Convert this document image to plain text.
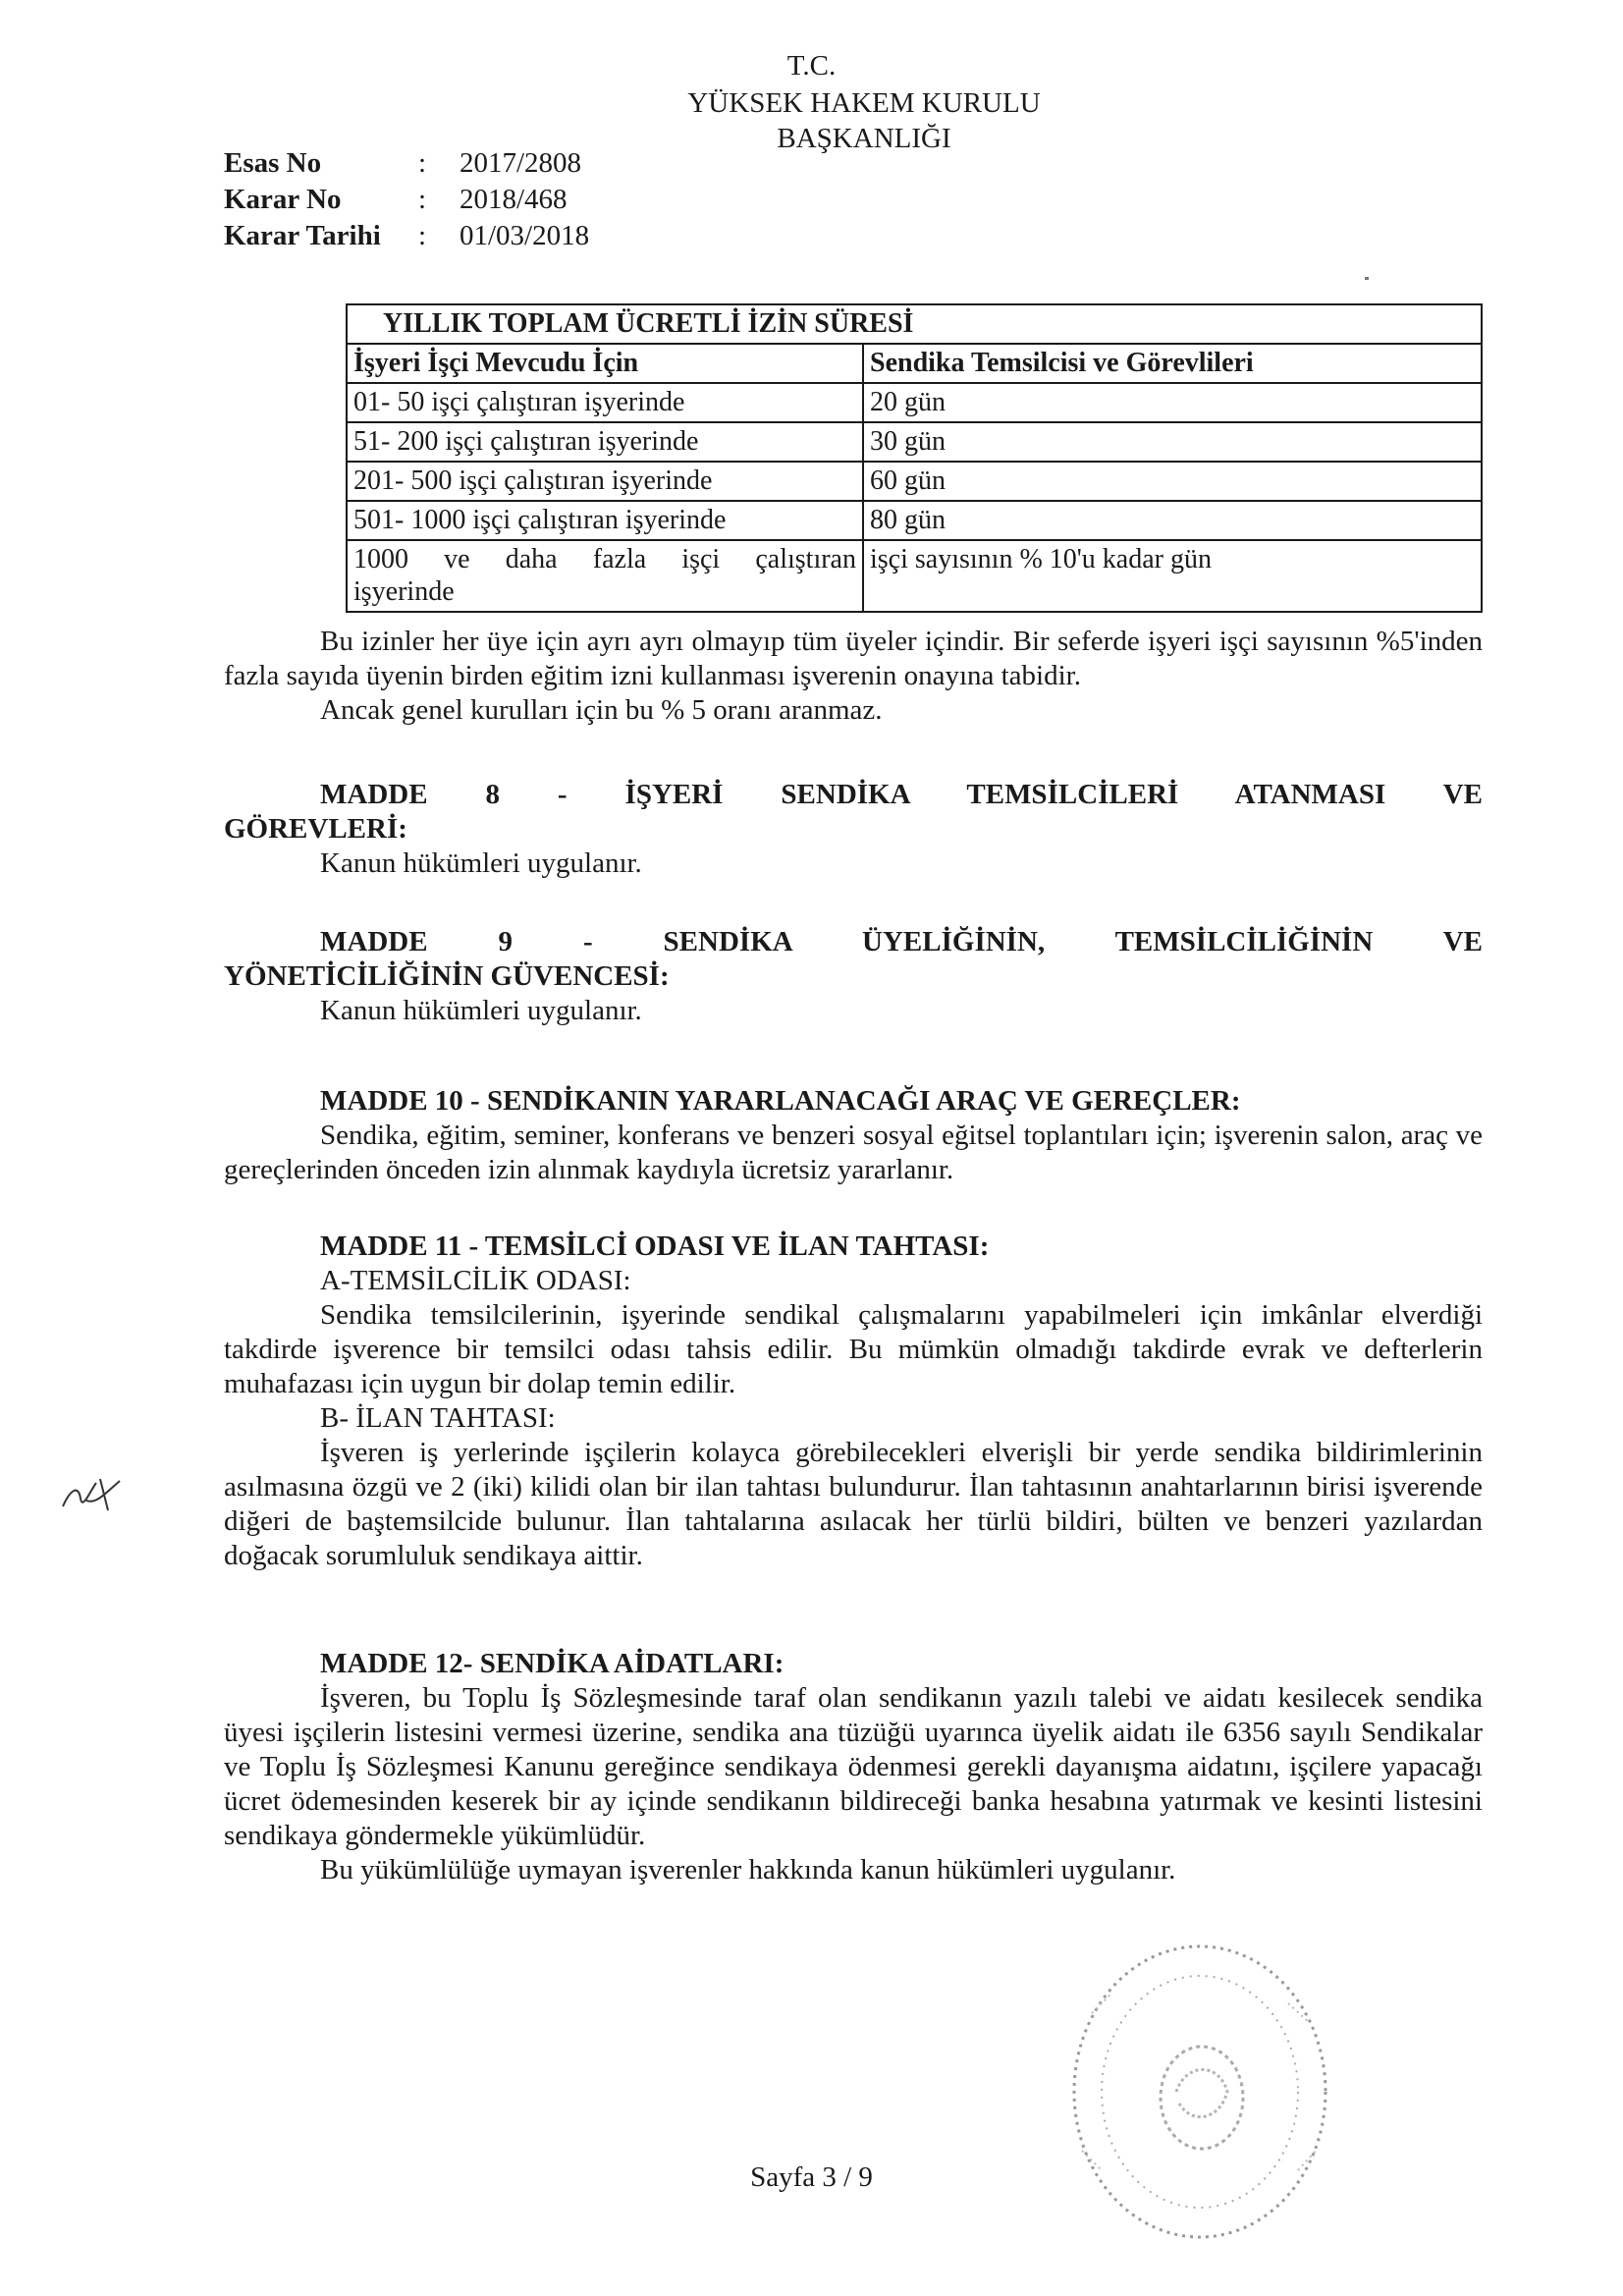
T.C.
YÜKSEK HAKEM KURULU
BAŞKANLIĞI
Esas No	:	2017/2808
Karar No	:	2018/468
Karar Tarihi	:	01/03/2018
YILLIK TOPLAM ÜCRETLİ İZİN SÜRESİ	
İşyeri İşçi Mevcudu İçin	Sendika Temsilcisi ve Görevlileri
01- 50 işçi çalıştıran işyerinde	20 gün
51- 200 işçi çalıştıran işyerinde	30 gün
201- 500 işçi çalıştıran işyerinde	60 gün
501- 1000 işçi çalıştıran işyerinde	80 gün

1000 ve daha fazla işçi çalıştıran
işyerinde	işçi sayısının % 10'u kadar gün

Bu izinler her üye için ayrı ayrı olmayıp tüm üyeler içindir. Bir seferde işyeri işçi sayısının %5'inden fazla sayıda üyenin birden eğitim izni kullanması işverenin onayına tabidir.

Ancak genel kurulları için bu % 5 oranı aranmaz.

MADDE 8 - İŞYERİ SENDİKA TEMSİLCİLERİ ATANMASI VE

GÖREVLERİ:

Kanun hükümleri uygulanır.

MADDE 9 - SENDİKA ÜYELİĞİNİN, TEMSİLCİLİĞİNİN VE

YÖNETİCİLİĞİNİN GÜVENCESİ:

Kanun hükümleri uygulanır.

MADDE 10 - SENDİKANIN YARARLANACAĞI ARAÇ VE GEREÇLER:

Sendika, eğitim, seminer, konferans ve benzeri sosyal eğitsel toplantıları için; işverenin salon, araç ve gereçlerinden önceden izin alınmak kaydıyla ücretsiz yararlanır.

MADDE 11 - TEMSİLCİ ODASI VE İLAN TAHTASI:

A-TEMSİLCİLİK ODASI:

Sendika temsilcilerinin, işyerinde sendikal çalışmalarını yapabilmeleri için imkânlar elverdiği takdirde işverence bir temsilci odası tahsis edilir. Bu mümkün olmadığı takdirde evrak ve defterlerin muhafazası için uygun bir dolap temin edilir.

B- İLAN TAHTASI:

İşveren iş yerlerinde işçilerin kolayca görebilecekleri elverişli bir yerde sendika bildirimlerinin asılmasına özgü ve 2 (iki) kilidi olan bir ilan tahtası bulundurur. İlan tahtasının anahtarlarının birisi işverende diğeri de baştemsilcide bulunur. İlan tahtalarına asılacak her türlü bildiri, bülten ve benzeri yazılardan doğacak sorumluluk sendikaya aittir.

MADDE 12- SENDİKA AİDATLARI:

İşveren, bu Toplu İş Sözleşmesinde taraf olan sendikanın yazılı talebi ve aidatı kesilecek sendika üyesi işçilerin listesini vermesi üzerine, sendika ana tüzüğü uyarınca üyelik aidatı ile 6356 sayılı Sendikalar ve Toplu İş Sözleşmesi Kanunu gereğince sendikaya ödenmesi gerekli dayanışma aidatını, işçilere yapacağı ücret ödemesinden keserek bir ay içinde sendikanın bildireceği banka hesabına yatırmak ve kesinti listesini sendikaya göndermekle yükümlüdür.

Bu yükümlülüğe uymayan işverenler hakkında kanun hükümleri uygulanır.

Sayfa 3 / 9
